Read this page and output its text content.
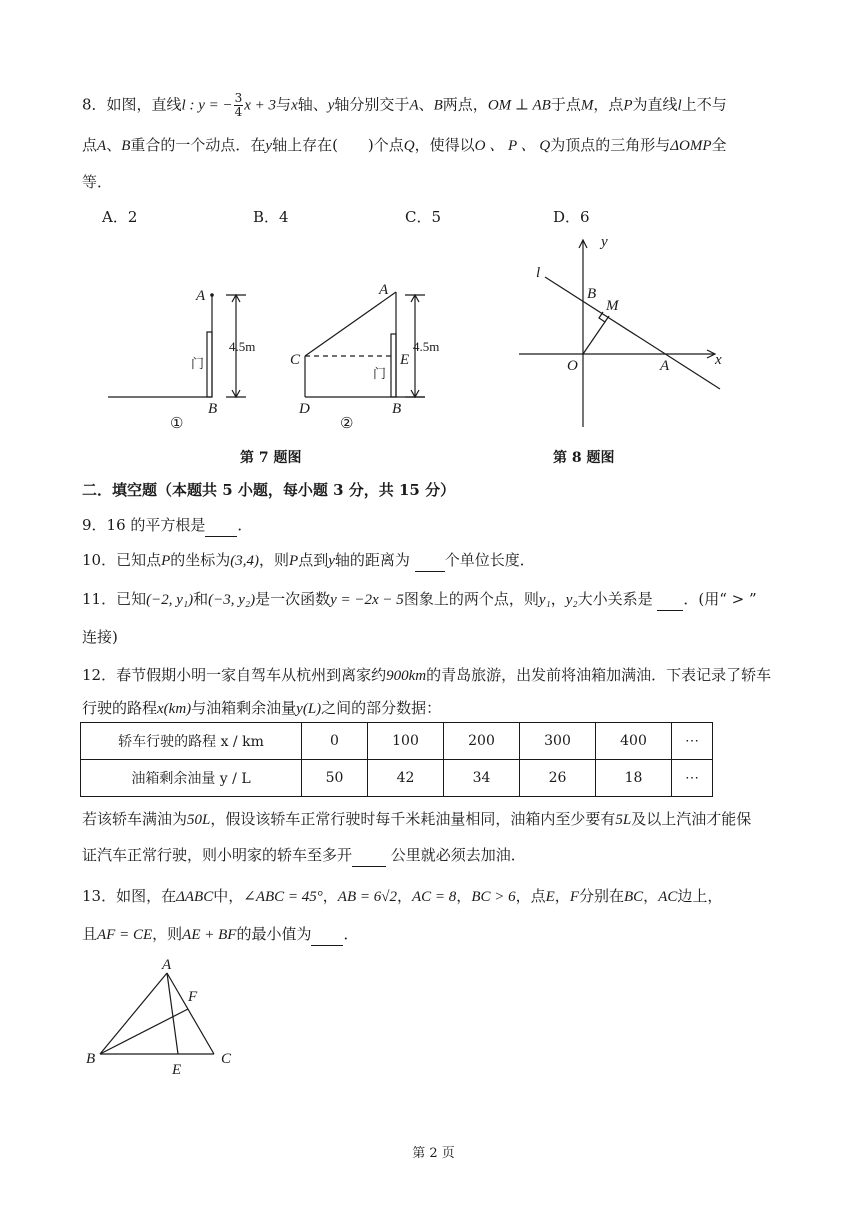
8．如图，直线l : y = − $\frac{3}{4}$ x + 3与x轴、y轴分别交于A、B两点，OM ⊥ AB于点M，点P为直线l上不与
点A、B重合的一个动点．在y轴上存在(　　)个点Q，使得以O 、 P 、 Q为顶点的三角形与ΔOMP全
等．
A．2	B．4	C．5	D．6
A
B
A
C
D
E
B
门
4.5m
门
4.5m
①	②
第 7 题图
y
l
B
M
O	A	x
第 8 题图
二．填空题（本题共 5 小题，每小题 3 分，共 15 分）
9．16 的平方根是 ．
10．已知点P的坐标为(3,4)，则P点到y轴的距离为 个单位长度．
11．已知(−2, y₁)和(−3, y₂)是一次函数y = −2x − 5图象上的两个点，则y₁，y₂大小关系是 ．(用“ > ”
连接)
12．春节假期小明一家自驾车从杭州到离家约900km的青岛旅游，出发前将油箱加满油．下表记录了轿车
行驶的路程x(km)与油箱剩余油量y(L)之间的部分数据：
轿车行驶的路程 x / km	0	100	200	300	400	⋯
油箱剩余油量 y / L	50	42	34	26	18	⋯
若该轿车满油为50L，假设该轿车正常行驶时每千米耗油量相同，油箱内至少要有5L及以上汽油才能保
证汽车正常行驶，则小明家的轿车至多开	公里就必须去加油．
13．如图，在ΔABC中，∠ABC = 45°，AB = 6√2，AC = 8，BC > 6，点E，F分别在BC，AC边上，
且AF = CE，则AE + BF的最小值为 ．
A
F
B
E
C
第 2 页
